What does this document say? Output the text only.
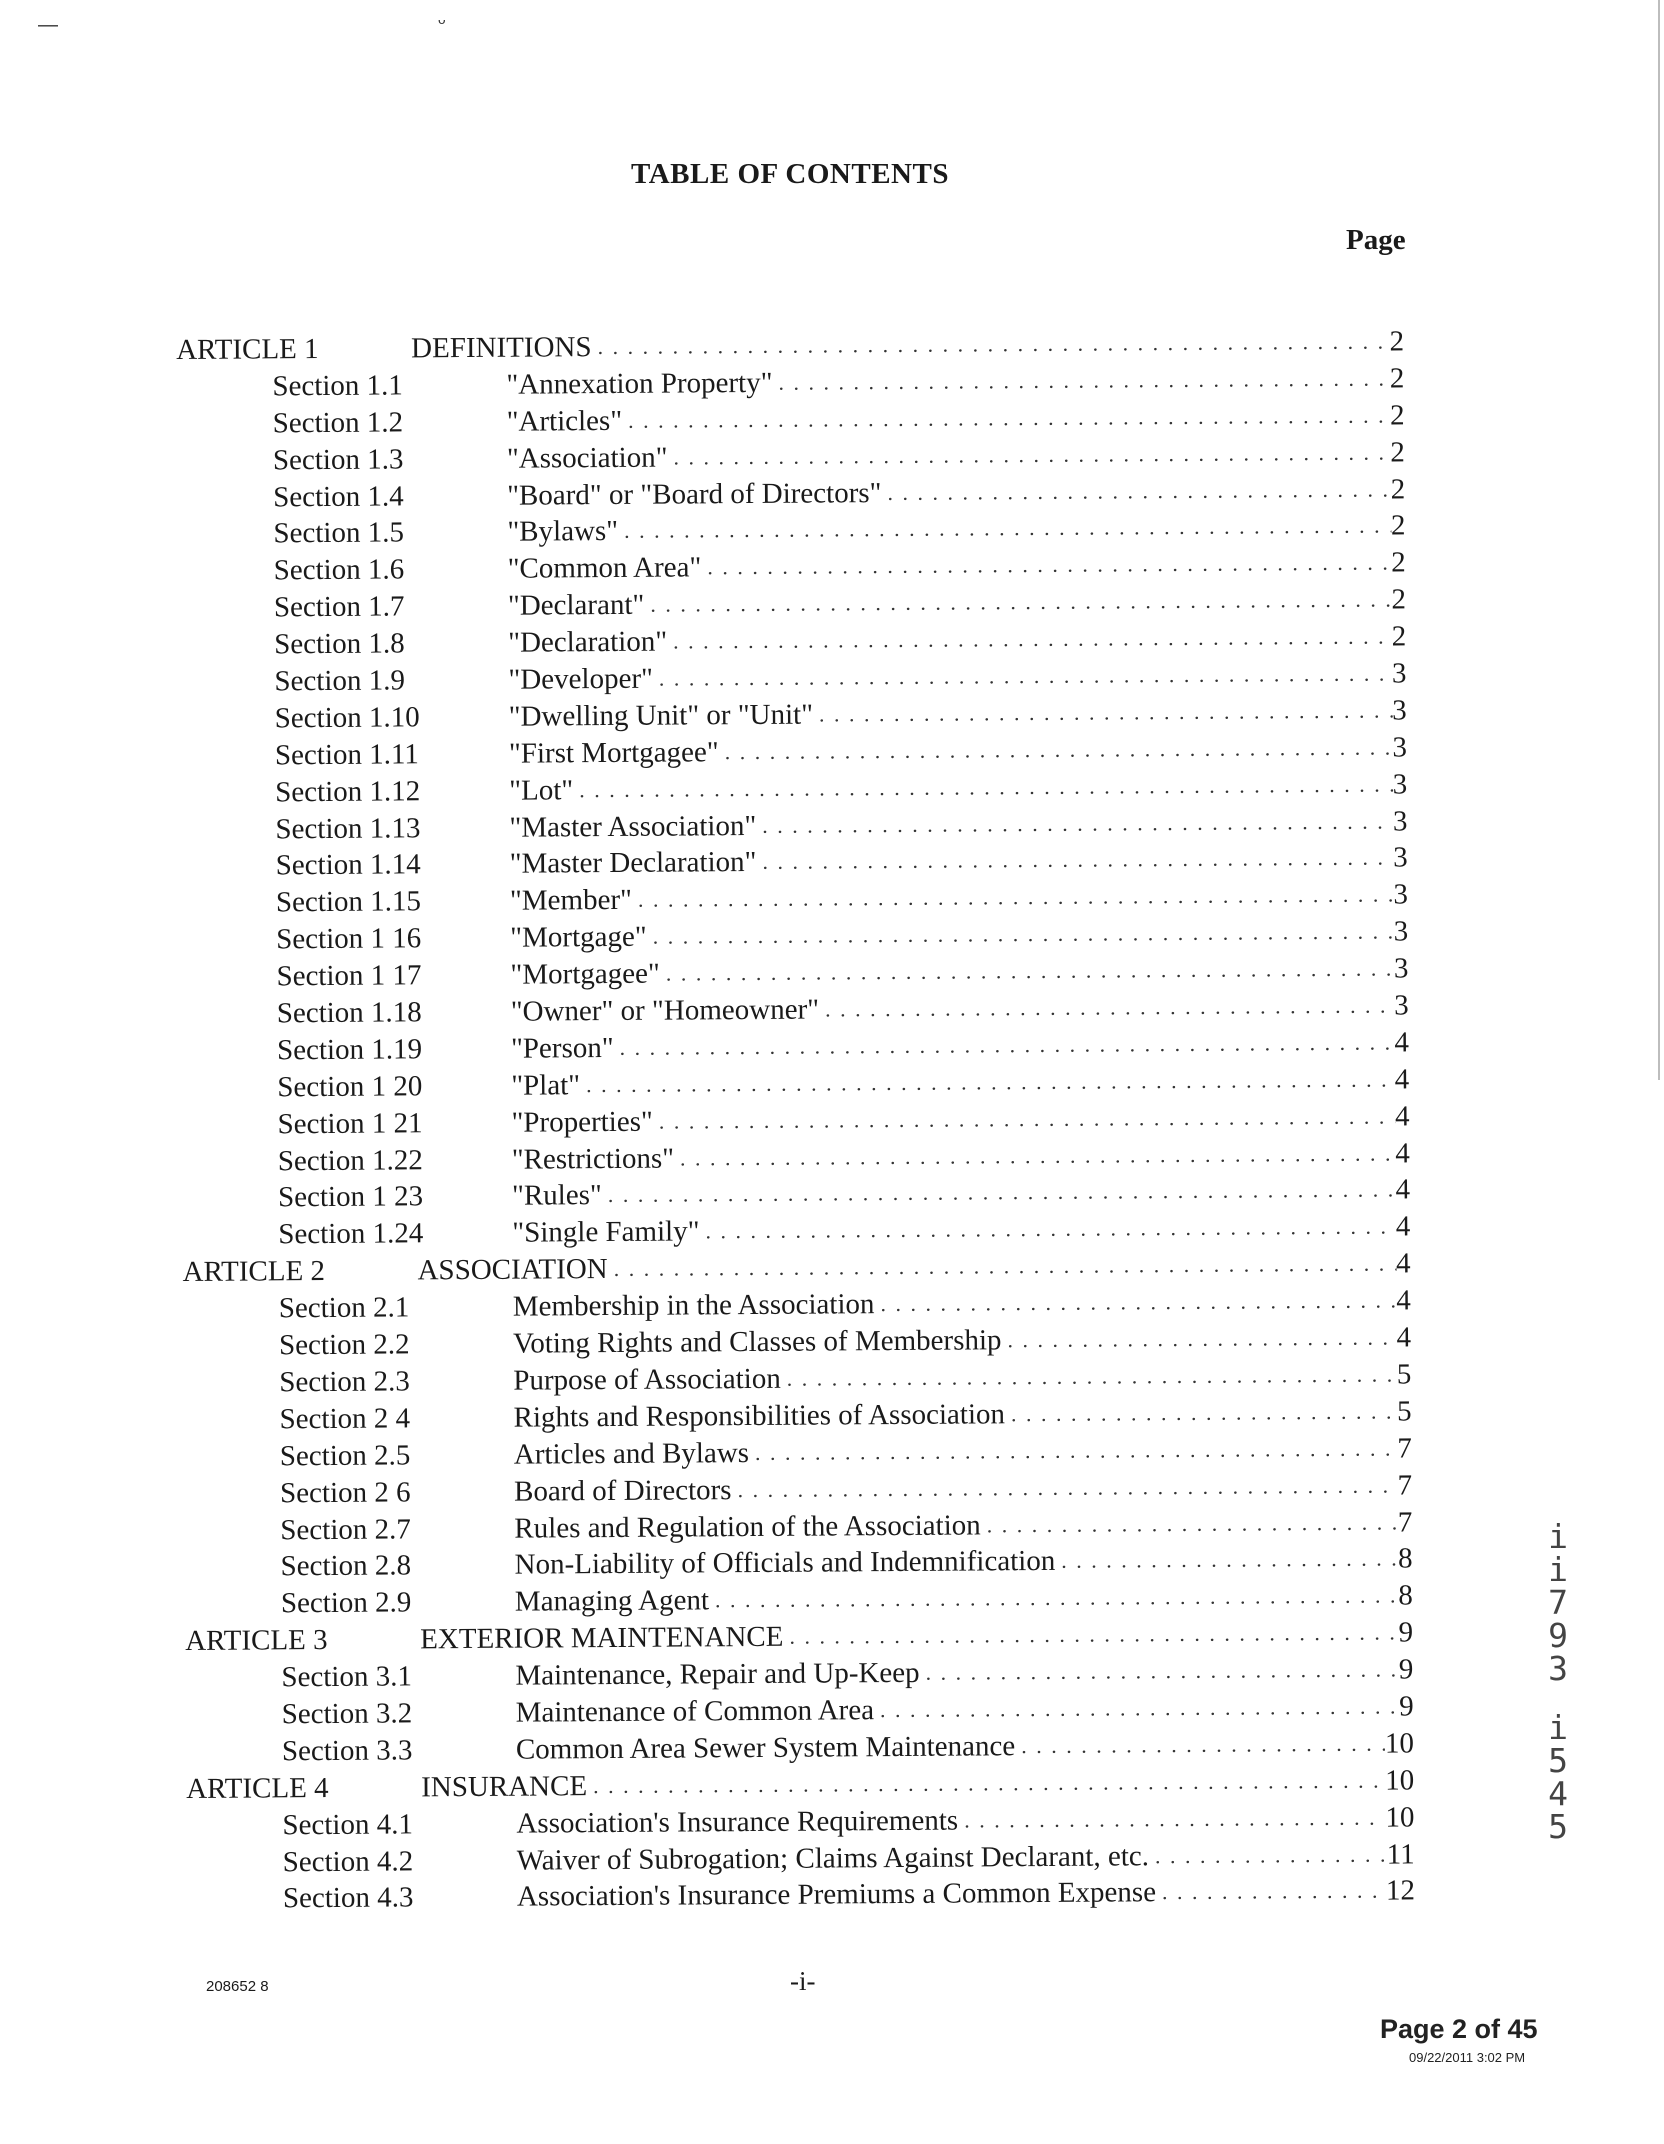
—	ᵕ
TABLE OF CONTENTS
Page
ARTICLE 1	DEFINITIONS . . .	2
Section 1.1	"Annexation Property" . . .	2
Section 1.2	"Articles" . . .	2
Section 1.3	"Association" . . .	2
Section 1.4	"Board" or "Board of Directors" . . .	2
Section 1.5	"Bylaws" . . .	2
Section 1.6	"Common Area" . . .	2
Section 1.7	"Declarant" . . .	2
Section 1.8	"Declaration" . . .	2
Section 1.9	"Developer" . . .	3
Section 1.10	"Dwelling Unit" or "Unit" . . .	3
Section 1.11	"First Mortgagee" . . .	3
Section 1.12	"Lot" . . .	3
Section 1.13	"Master Association" . . .	3
Section 1.14	"Master Declaration" . . .	3
Section 1.15	"Member" . . .	3
Section 1 16	"Mortgage" . . .	3
Section 1 17	"Mortgagee" . . .	3
Section 1.18	"Owner" or "Homeowner" . . .	3
Section 1.19	"Person" . . .	4
Section 1 20	"Plat" . . .	4
Section 1 21	"Properties" . . .	4
Section 1.22	"Restrictions" . . .	4
Section 1 23	"Rules" . . .	4
Section 1.24	"Single Family" . . .	4
ARTICLE 2	ASSOCIATION . . .	4
Section 2.1	Membership in the Association . . .	4
Section 2.2	Voting Rights and Classes of Membership . . .	4
Section 2.3	Purpose of Association . . .	5
Section 2 4	Rights and Responsibilities of Association . . .	5
Section 2.5	Articles and Bylaws . . .	7
Section 2 6	Board of Directors . . .	7
Section 2.7	Rules and Regulation of the Association . . .	7
Section 2.8	Non-Liability of Officials and Indemnification . . .	8
Section 2.9	Managing Agent . . .	8
ARTICLE 3	EXTERIOR MAINTENANCE . . .	9
Section 3.1	Maintenance, Repair and Up-Keep . . .	9
Section 3.2	Maintenance of Common Area . . .	9
Section 3.3	Common Area Sewer System Maintenance . . .	10
ARTICLE 4	INSURANCE . . .	10
Section 4.1	Association's Insurance Requirements . . .	10
Section 4.2	Waiver of Subrogation; Claims Against Declarant, etc. . . .	11
Section 4.3	Association's Insurance Premiums a Common Expense . . .	12
208652 8	-i-
i
i
7
9
3
i
5
4
5
Page 2 of 45
09/22/2011 3:02 PM
